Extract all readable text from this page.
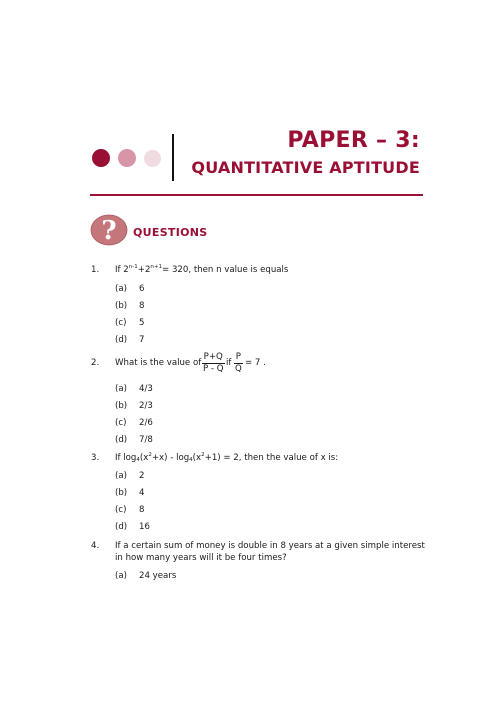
PAPER – 3:
QUANTITATIVE APTITUDE
? QUESTIONS
1. If $2^{n-1}+2^{n+1}= 320$, then n value is equals
(a) 6
(b) 8
(c) 5
(d) 7
2. What is the value of $\frac{P+Q}{P - Q}$ if $\frac{P}{Q} = 7$ .
(a) 4/3
(b) 2/3
(c) 2/6
(d) 7/8
3. If $\log_4(x^2+x) - \log_4(x^2+1) = 2$, then the value of x is:
(a) 2
(b) 4
(c) 8
(d) 16
4. If a certain sum of money is double in 8 years at a given simple interest
in how many years will it be four times?
(a) 24 years
